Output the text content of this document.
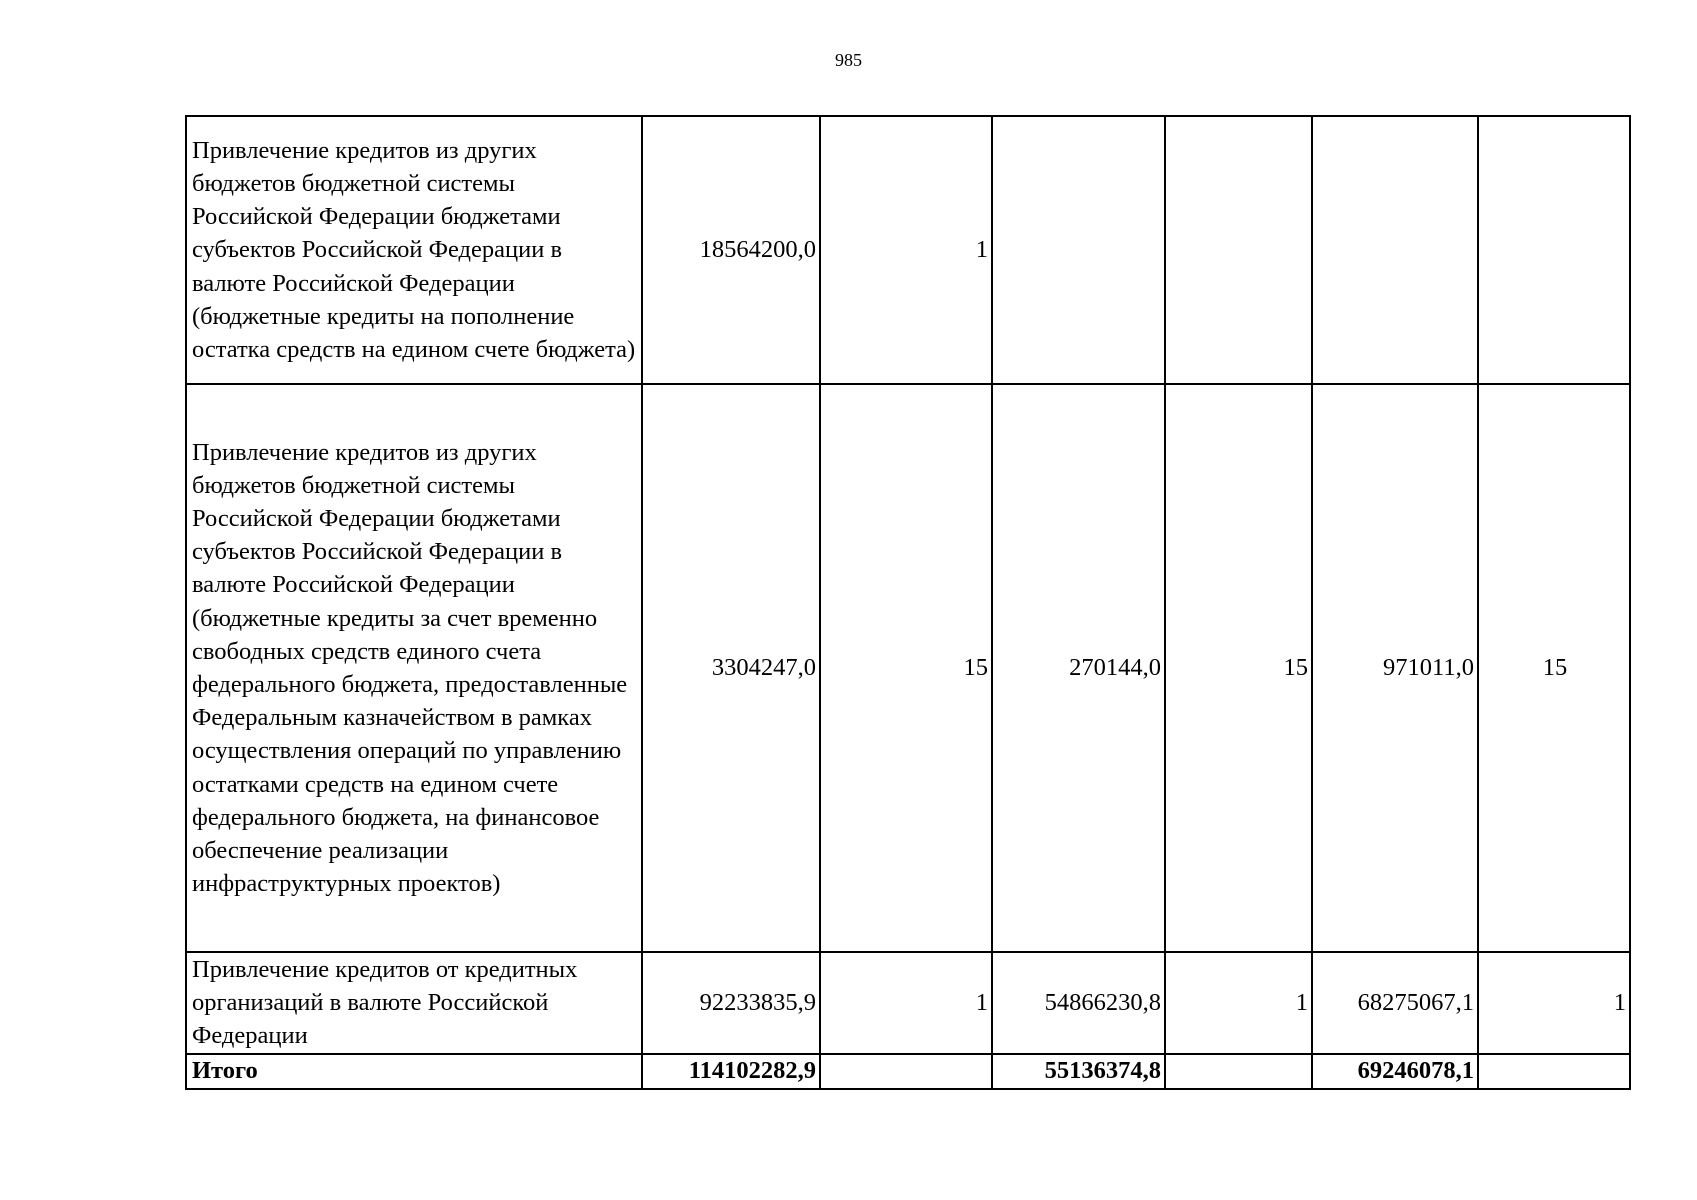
985
Привлечение кредитов из других бюджетов бюджетной системы Российской Федерации бюджетами субъектов Российской Федерации в валюте Российской Федерации (бюджетные кредиты на пополнение остатка средств на едином счете бюджета)	18564200,0	1				
Привлечение кредитов из других бюджетов бюджетной системы Российской Федерации бюджетами субъектов Российской Федерации в валюте Российской Федерации (бюджетные кредиты за счет временно свободных средств единого счета федерального бюджета, предоставленные Федеральным казначейством в рамках осуществления операций по управлению остатками средств на едином счете федерального бюджета, на финансовое обеспечение реализации инфраструктурных проектов)	3304247,0	15	270144,0	15	971011,0	15
Привлечение кредитов от кредитных организаций в валюте Российской Федерации	92233835,9	1	54866230,8	1	68275067,1	1
Итого	114102282,9		55136374,8		69246078,1	
